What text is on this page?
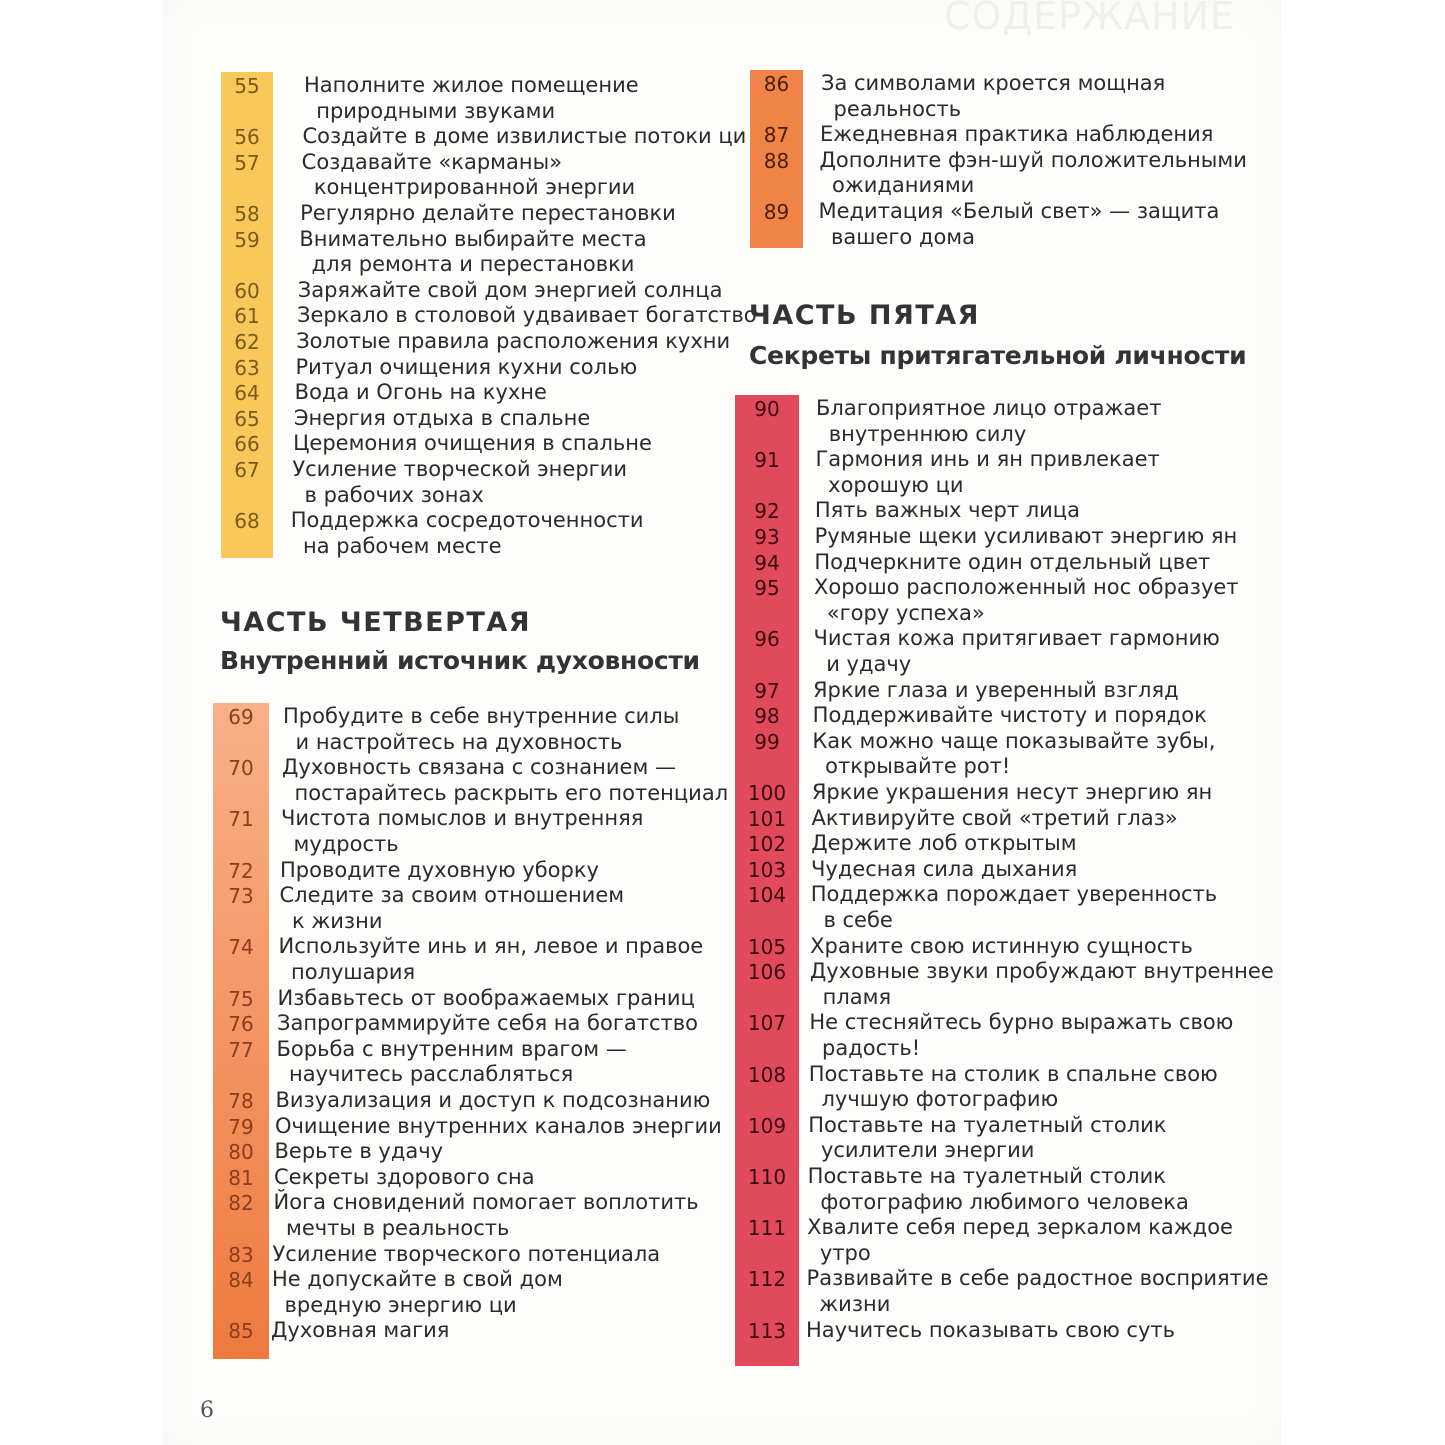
СОДЕРЖАНИЕ
55	Наполните жилое помещение
природными звуками
56	Создайте в доме извилистые потоки ци
57	Создавайте «карманы»
концентрированной энергии
58	Регулярно делайте перестановки
59	Внимательно выбирайте места
для ремонта и перестановки
60	Заряжайте свой дом энергией солнца
61	Зеркало в столовой удваивает богатство
62	Золотые правила расположения кухни
63	Ритуал очищения кухни солью
64	Вода и Огонь на кухне
65	Энергия отдыха в спальне
66	Церемония очищения в спальне
67	Усиление творческой энергии
в рабочих зонах
68	Поддержка сосредоточенности
на рабочем месте
ЧАСТЬ ЧЕТВЕРТАЯ
Внутренний источник духовности
69	Пробудите в себе внутренние силы
и настройтесь на духовность
70	Духовность связана с сознанием —
постарайтесь раскрыть его потенциал
71	Чистота помыслов и внутренняя
мудрость
72	Проводите духовную уборку
73	Следите за своим отношением
к жизни
74	Используйте инь и ян, левое и правое
полушария
75	Избавьтесь от воображаемых границ
76	Запрограммируйте себя на богатство
77	Борьба с внутренним врагом —
научитесь расслабляться
78	Визуализация и доступ к подсознанию
79	Очищение внутренних каналов энергии
80 Верьте в удачу
81 Секреты здорового сна
82 Йога сновидений помогает воплотить
мечты в реальность
83 Усиление творческого потенциала
84 Не допускайте в свой дом
вредную энергию ци
85 Духовная магия
86	За символами кроется мощная
реальность
87	Ежедневная практика наблюдения
88	Дополните фэн-шуй положительными
ожиданиями
89	Медитация «Белый свет» — защита
вашего дома
ЧАСТЬ ПЯТАЯ
Секреты притягательной личности
90	Благоприятное лицо отражает
внутреннюю силу
91	Гармония инь и ян привлекает
хорошую ци
92	Пять важных черт лица
93	Румяные щеки усиливают энергию ян
94	Подчеркните один отдельный цвет
95	Хорошо расположенный нос образует
«гору успеха»
96	Чистая кожа притягивает гармонию
и удачу
97	Яркие глаза и уверенный взгляд
98	Поддерживайте чистоту и порядок
99	Как можно чаще показывайте зубы,
открывайте рот!
100	Яркие украшения несут энергию ян
101	Активируйте свой «третий глаз»
102	Держите лоб открытым
103	Чудесная сила дыхания
104	Поддержка порождает уверенность
в себе
105	Храните свою истинную сущность
106	Духовные звуки пробуждают внутреннее
пламя
107	Не стесняйтесь бурно выражать свою
радость!
108	Поставьте на столик в спальне свою
лучшую фотографию
109	Поставьте на туалетный столик
усилители энергии
110	Поставьте на туалетный столик
фотографию любимого человека
111	Хвалите себя перед зеркалом каждое
утро
112 Развивайте в себе радостное восприятие
жизни
113 Научитесь показывать свою суть
6
